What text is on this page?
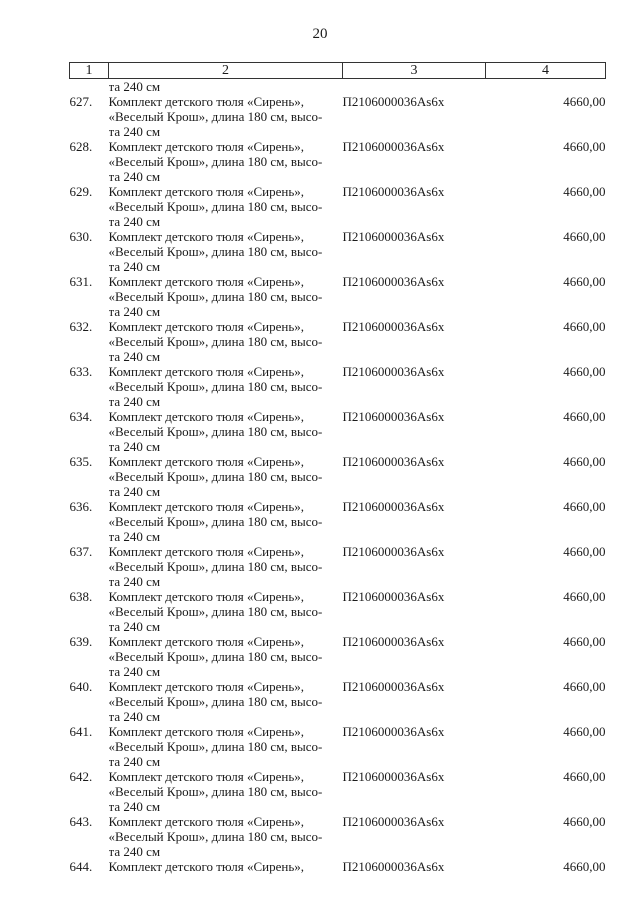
20
1	2	3	4
	та 240 см		
627.	Комплект детского тюля «Сирень»,
«Веселый Крош», длина 180 см, высо-
та 240 см	П2106000036Аs6x	4660,00
628.	Комплект детского тюля «Сирень»,
«Веселый Крош», длина 180 см, высо-
та 240 см	П2106000036Аs6x	4660,00
629.	Комплект детского тюля «Сирень»,
«Веселый Крош», длина 180 см, высо-
та 240 см	П2106000036Аs6x	4660,00
630.	Комплект детского тюля «Сирень»,
«Веселый Крош», длина 180 см, высо-
та 240 см	П2106000036Аs6x	4660,00
631.	Комплект детского тюля «Сирень»,
«Веселый Крош», длина 180 см, высо-
та 240 см	П2106000036Аs6x	4660,00
632.	Комплект детского тюля «Сирень»,
«Веселый Крош», длина 180 см, высо-
та 240 см	П2106000036Аs6x	4660,00
633.	Комплект детского тюля «Сирень»,
«Веселый Крош», длина 180 см, высо-
та 240 см	П2106000036Аs6x	4660,00
634.	Комплект детского тюля «Сирень»,
«Веселый Крош», длина 180 см, высо-
та 240 см	П2106000036Аs6x	4660,00
635.	Комплект детского тюля «Сирень»,
«Веселый Крош», длина 180 см, высо-
та 240 см	П2106000036Аs6x	4660,00
636.	Комплект детского тюля «Сирень»,
«Веселый Крош», длина 180 см, высо-
та 240 см	П2106000036Аs6x	4660,00
637.	Комплект детского тюля «Сирень»,
«Веселый Крош», длина 180 см, высо-
та 240 см	П2106000036Аs6x	4660,00
638.	Комплект детского тюля «Сирень»,
«Веселый Крош», длина 180 см, высо-
та 240 см	П2106000036Аs6x	4660,00
639.	Комплект детского тюля «Сирень»,
«Веселый Крош», длина 180 см, высо-
та 240 см	П2106000036Аs6x	4660,00
640.	Комплект детского тюля «Сирень»,
«Веселый Крош», длина 180 см, высо-
та 240 см	П2106000036Аs6x	4660,00
641.	Комплект детского тюля «Сирень»,
«Веселый Крош», длина 180 см, высо-
та 240 см	П2106000036Аs6x	4660,00
642.	Комплект детского тюля «Сирень»,
«Веселый Крош», длина 180 см, высо-
та 240 см	П2106000036Аs6x	4660,00
643.	Комплект детского тюля «Сирень»,
«Веселый Крош», длина 180 см, высо-
та 240 см	П2106000036Аs6x	4660,00
644.	Комплект детского тюля «Сирень»,	П2106000036Аs6x	4660,00
